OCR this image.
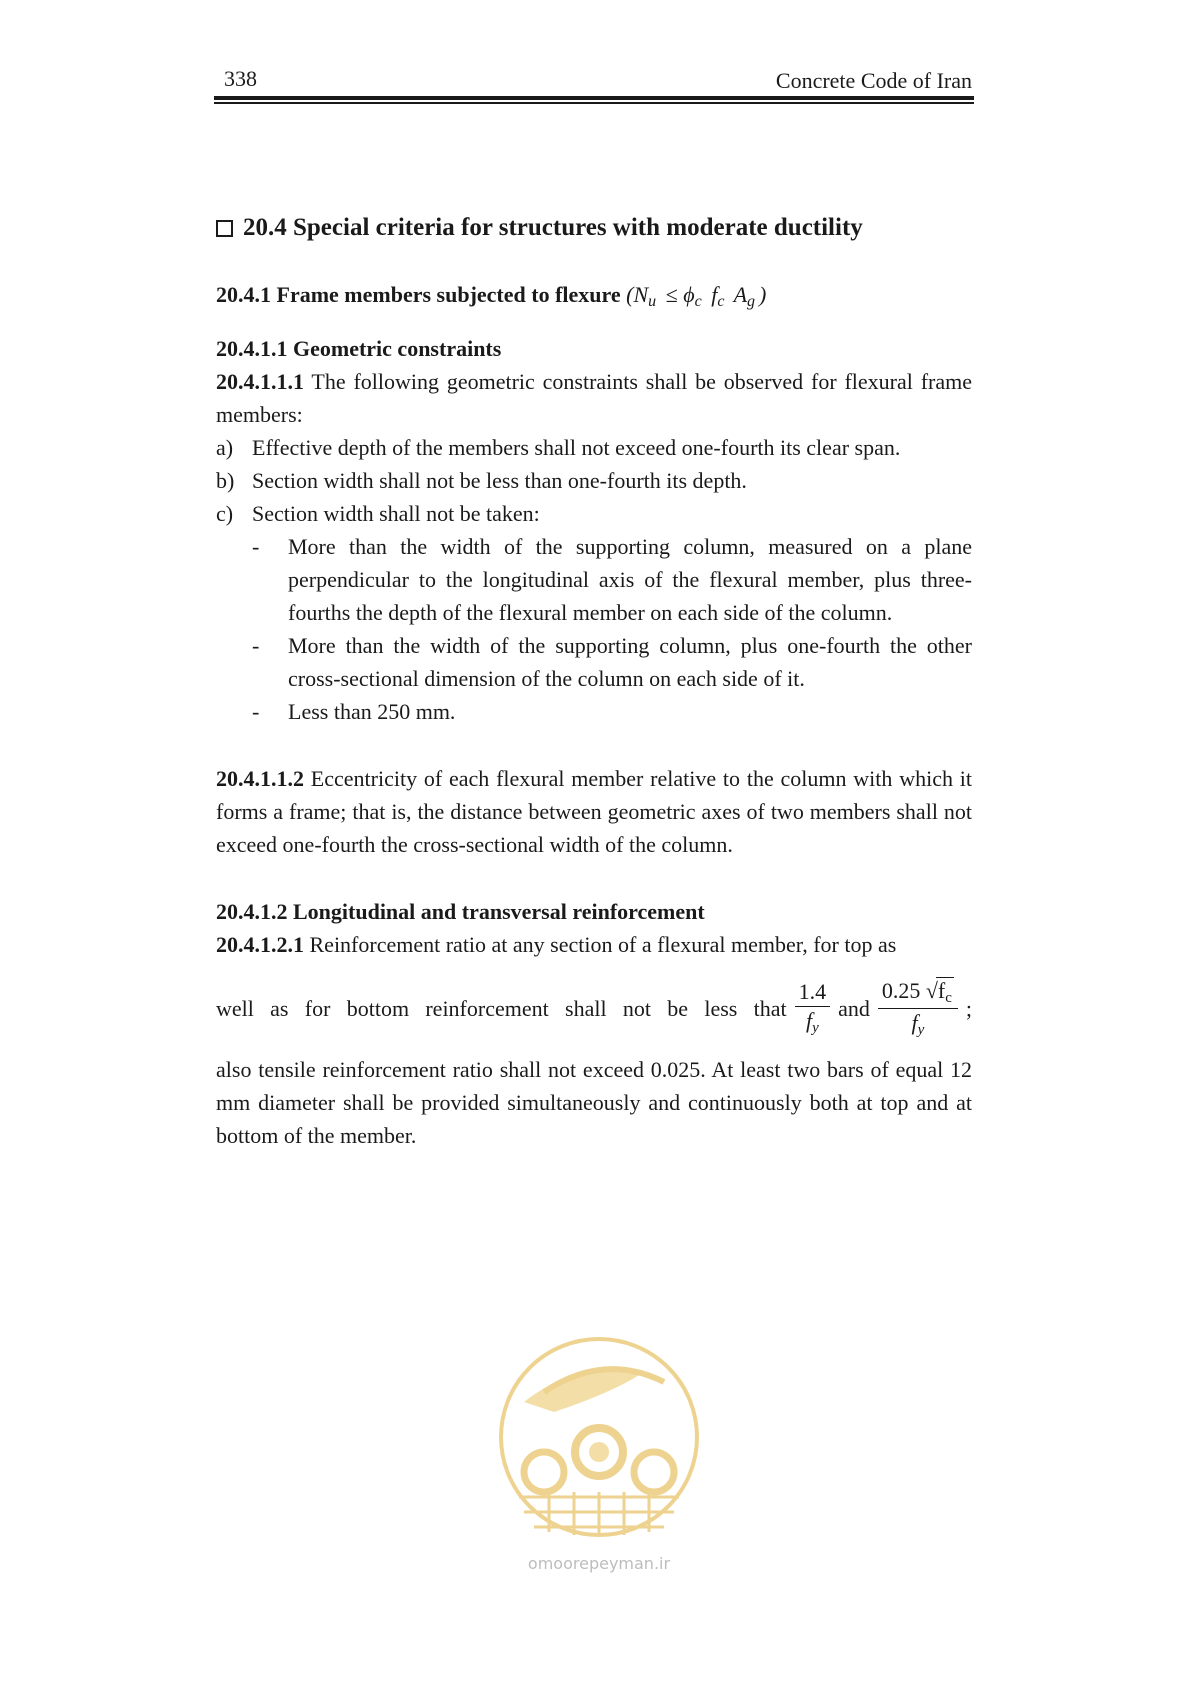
338	Concrete Code of Iran
20.4 Special criteria for structures with moderate ductility
20.4.1 Frame members subjected to flexure ($N_u \le \phi_c$ $f_c$ $A_g$ )
20.4.1.1 Geometric constraints

20.4.1.1.1 The following geometric constraints shall be observed for flexural frame members:

a) Effective depth of the members shall not exceed one-fourth its clear span.
b) Section width shall not be less than one-fourth its depth.
c) Section width shall not be taken:
-	More than the width of the supporting column, measured on a plane perpendicular to the longitudinal axis of the flexural member, plus three-fourths the depth of the flexural member on each side of the column.
-	More than the width of the supporting column, plus one-fourth the other cross-sectional dimension of the column on each side of it.
-	Less than 250 mm.

20.4.1.1.2 Eccentricity of each flexural member relative to the column with which it forms a frame; that is, the distance between geometric axes of two members shall not exceed one-fourth the cross-sectional width of the column.

20.4.1.2 Longitudinal and transversal reinforcement

20.4.1.2.1 Reinforcement ratio at any section of a flexural member, for top as

well as for bottom reinforcement shall not be less that $\frac{1.4}{f_y}$ and $\frac{0.25 √ f_c}{f_y}$ ;

also tensile reinforcement ratio shall not exceed 0.025. At least two bars of equal 12 mm diameter shall be provided simultaneously and continuously both at top and at bottom of the member.

omoorepeyman.ir
